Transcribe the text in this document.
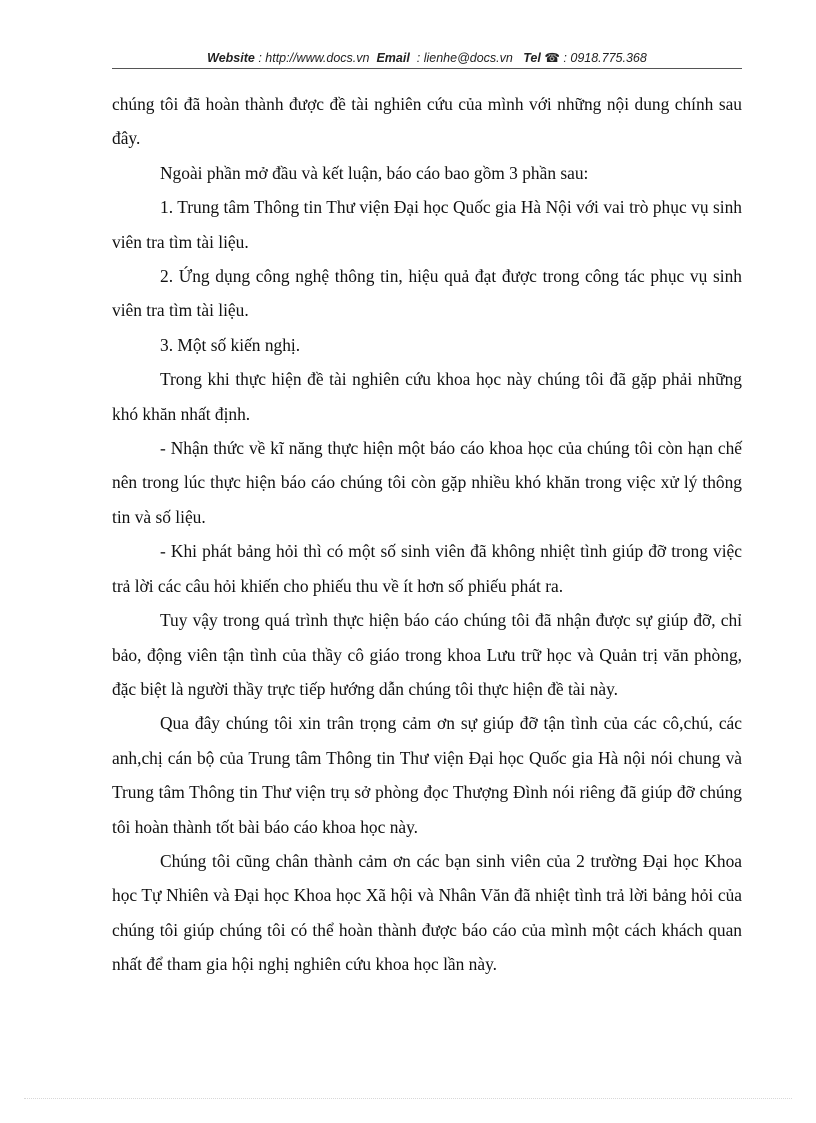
Website : http://www.docs.vn Email : lienhe@docs.vn Tel ☎ : 0918.775.368

chúng tôi đã hoàn thành được đề tài nghiên cứu của mình với những nội dung chính sau đây.

Ngoài phần mở đầu và kết luận, báo cáo bao gồm 3 phần sau:

1. Trung tâm Thông tin Thư viện Đại học Quốc gia Hà Nội với vai trò phục vụ sinh viên tra tìm tài liệu.

2. Ứng dụng công nghệ thông tin, hiệu quả đạt được trong công tác phục vụ sinh viên tra tìm tài liệu.

3. Một số kiến nghị.

Trong khi thực hiện đề tài nghiên cứu khoa học này chúng tôi đã gặp phải những khó khăn nhất định.

- Nhận thức về kĩ năng thực hiện một báo cáo khoa học của chúng tôi còn hạn chế nên trong lúc thực hiện báo cáo chúng tôi còn gặp nhiều khó khăn trong việc xử lý thông tin và số liệu.

- Khi phát bảng hỏi thì có một số sinh viên đã không nhiệt tình giúp đỡ trong việc trả lời các câu hỏi khiến cho phiếu thu về ít hơn số phiếu phát ra.

Tuy vậy trong quá trình thực hiện báo cáo chúng tôi đã nhận được sự giúp đỡ, chỉ bảo, động viên tận tình của thầy cô giáo trong khoa Lưu trữ học và Quản trị văn phòng, đặc biệt là người thầy trực tiếp hướng dẫn chúng tôi thực hiện đề tài này.

Qua đây chúng tôi xin trân trọng cảm ơn sự giúp đỡ tận tình của các cô,chú, các anh,chị cán bộ của Trung tâm Thông tin Thư viện Đại học Quốc gia Hà nội nói chung và Trung tâm Thông tin Thư viện trụ sở phòng đọc Thượng Đình nói riêng đã giúp đỡ chúng tôi hoàn thành tốt bài báo cáo khoa học này.

Chúng tôi cũng chân thành cảm ơn các bạn sinh viên của 2 trường Đại học Khoa học Tự Nhiên và Đại học Khoa học Xã hội và Nhân Văn đã nhiệt tình trả lời bảng hỏi của chúng tôi giúp chúng tôi có thể hoàn thành được báo cáo của mình một cách khách quan nhất để tham gia hội nghị nghiên cứu khoa học lần này.
